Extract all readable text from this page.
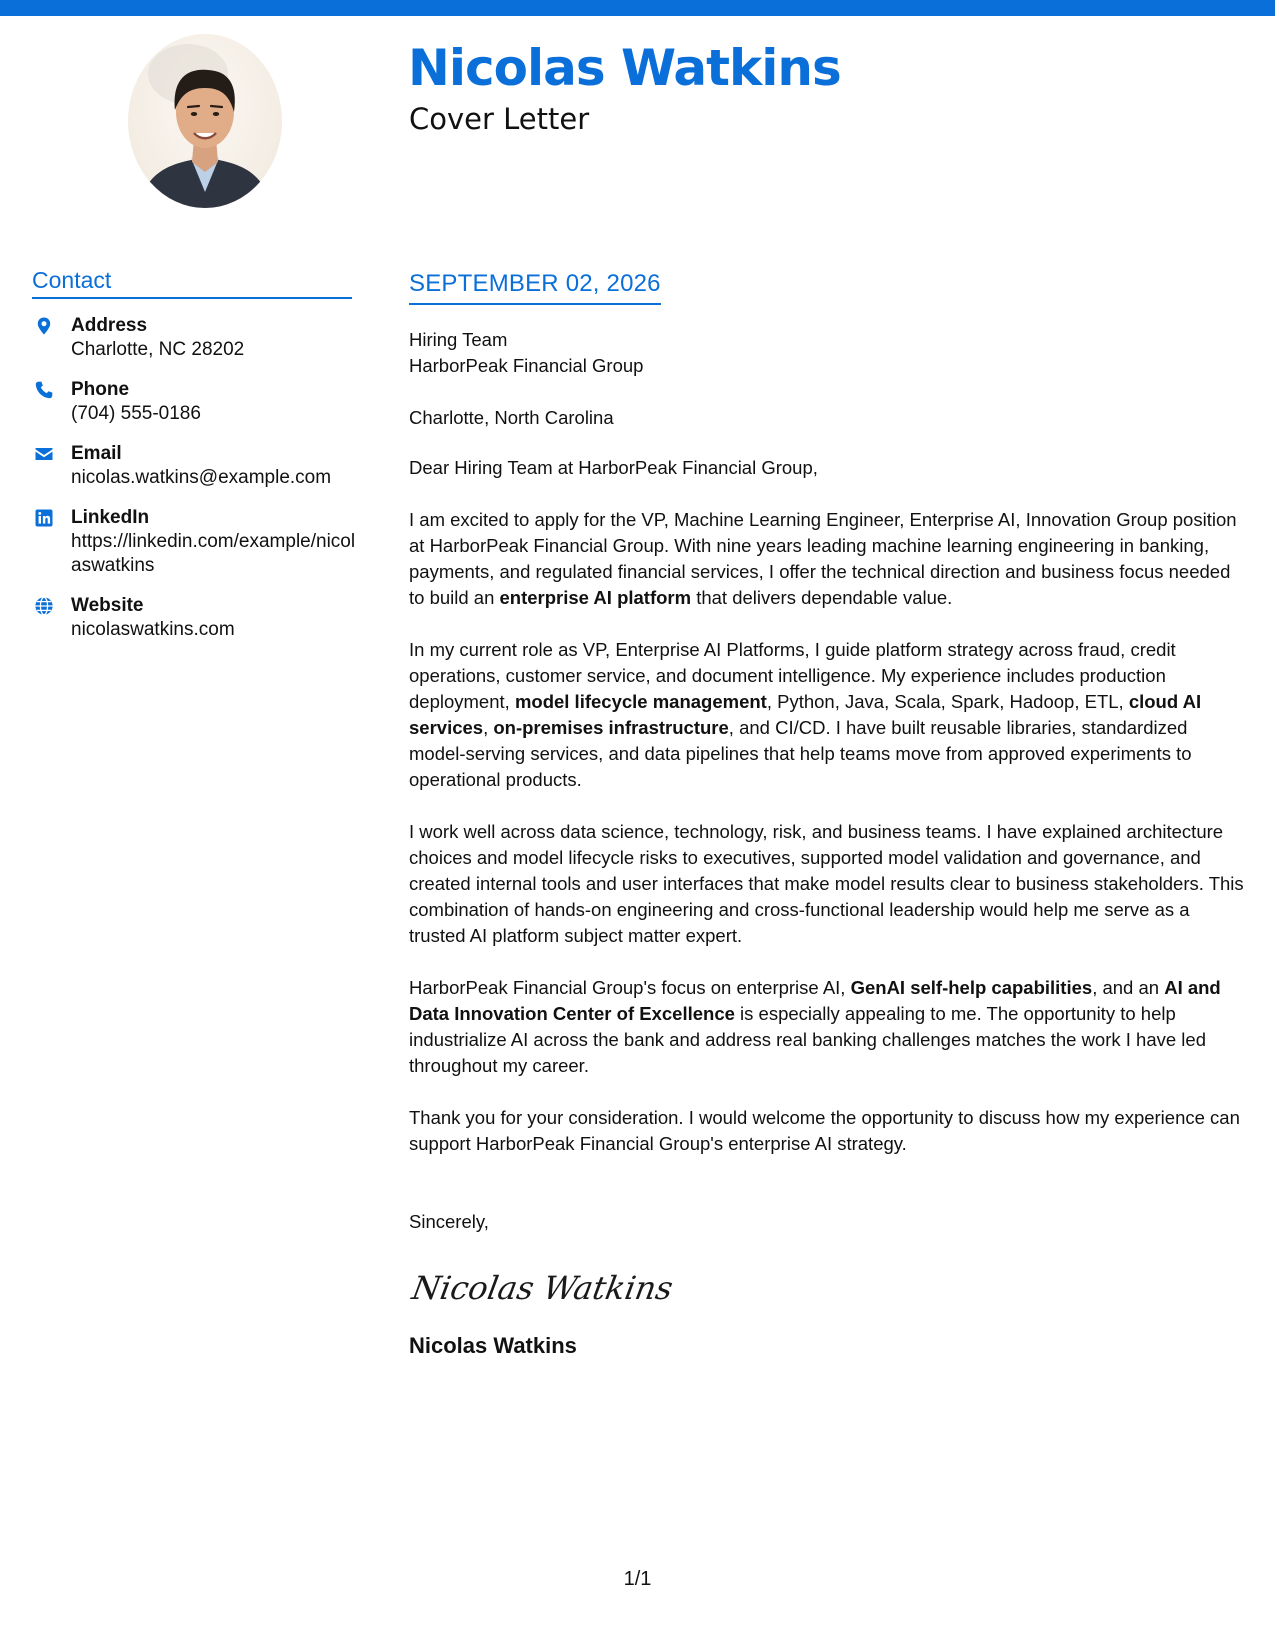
Nicolas Watkins

Cover Letter

Contact
Address
Charlotte, NC 28202
Phone
(704) 555-0186
Email
nicolas.watkins@example.com
LinkedIn
https://linkedin.com/example/nicolaswatkins
Website
nicolaswatkins.com
SEPTEMBER 02, 2026
Hiring Team
HarborPeak Financial Group
Charlotte, North Carolina

Dear Hiring Team at HarborPeak Financial Group,

I am excited to apply for the VP, Machine Learning Engineer, Enterprise AI, Innovation Group position at HarborPeak Financial Group. With nine years leading machine learning engineering in banking, payments, and regulated financial services, I offer the technical direction and business focus needed to build an enterprise AI platform that delivers dependable value.

In my current role as VP, Enterprise AI Platforms, I guide platform strategy across fraud, credit operations, customer service, and document intelligence. My experience includes production deployment, model lifecycle management, Python, Java, Scala, Spark, Hadoop, ETL, cloud AI services, on-premises infrastructure, and CI/CD. I have built reusable libraries, standardized model-serving services, and data pipelines that help teams move from approved experiments to operational products.

I work well across data science, technology, risk, and business teams. I have explained architecture choices and model lifecycle risks to executives, supported model validation and governance, and created internal tools and user interfaces that make model results clear to business stakeholders. This combination of hands-on engineering and cross-functional leadership would help me serve as a trusted AI platform subject matter expert.

HarborPeak Financial Group's focus on enterprise AI, GenAI self-help capabilities, and an AI and Data Innovation Center of Excellence is especially appealing to me. The opportunity to help industrialize AI across the bank and address real banking challenges matches the work I have led throughout my career.

Thank you for your consideration. I would welcome the opportunity to discuss how my experience can support HarborPeak Financial Group's enterprise AI strategy.

Sincerely,

Nicolas Watkins

Nicolas Watkins

1/1
